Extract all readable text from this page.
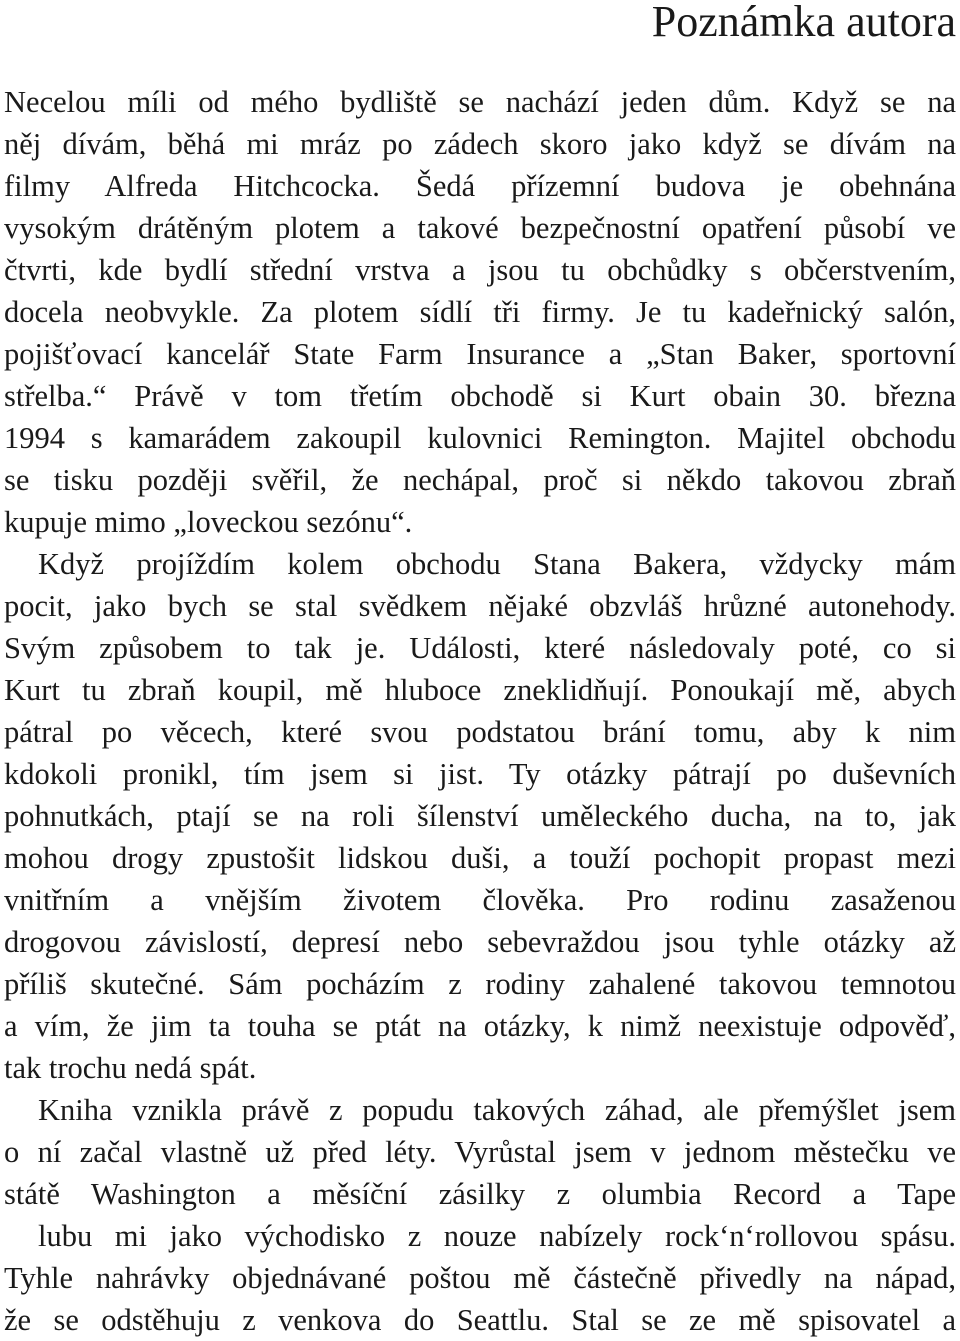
Poznámka autora
Necelou míli od mého bydliště se nachází jeden dům. Když se na
něj dívám, běhá mi mráz po zádech skoro jako když se dívám na
filmy Alfreda Hitchcocka. Šedá přízemní budova je obehnána
vysokým drátěným plotem a takové bezpečnostní opatření působí ve
čtvrti, kde bydlí střední vrstva a jsou tu obchůdky s občerstvením,
docela neobvykle. Za plotem sídlí tři firmy. Je tu kadeřnický salón,
pojišťovací kancelář State Farm Insurance a „Stan Baker, sportovní
střelba.“ Právě v tom třetím obchodě si Kurt obain 30. března
1994 s kamarádem zakoupil kulovnici Remington. Majitel obchodu
se tisku později svěřil, že nechápal, proč si někdo takovou zbraň
kupuje mimo „loveckou sezónu“.
Když projíždím kolem obchodu Stana Bakera, vždycky mám
pocit, jako bych se stal svědkem nějaké obzvláš hrůzné autonehody.
Svým způsobem to tak je. Události, které následovaly poté, co si
Kurt tu zbraň koupil, mě hluboce zneklidňují. Ponoukají mě, abych
pátral po věcech, které svou podstatou brání tomu, aby k nim
kdokoli pronikl, tím jsem si jist. Ty otázky pátrají po duševních
pohnutkách, ptají se na roli šílenství uměleckého ducha, na to, jak
mohou drogy zpustošit lidskou duši, a touží pochopit propast mezi
vnitřním a vnějším životem člověka. Pro rodinu zasaženou
drogovou závislostí, depresí nebo sebevraždou jsou tyhle otázky až
příliš skutečné. Sám pocházím z rodiny zahalené takovou temnotou
a vím, že jim ta touha se ptát na otázky, k nimž neexistuje odpověď,
tak trochu nedá spát.
Kniha vznikla právě z popudu takových záhad, ale přemýšlet jsem
o ní začal vlastně už před léty. Vyrůstal jsem v jednom městečku ve
státě Washington a měsíční zásilky z olumbia Record a Tape
lubu mi jako východisko z nouze nabízely rock‘n‘rollovou spásu.
Tyhle nahrávky objednávané poštou mě částečně přivedly na nápad,
že se odstěhuju z venkova do Seattlu. Stal se ze mě spisovatel a
